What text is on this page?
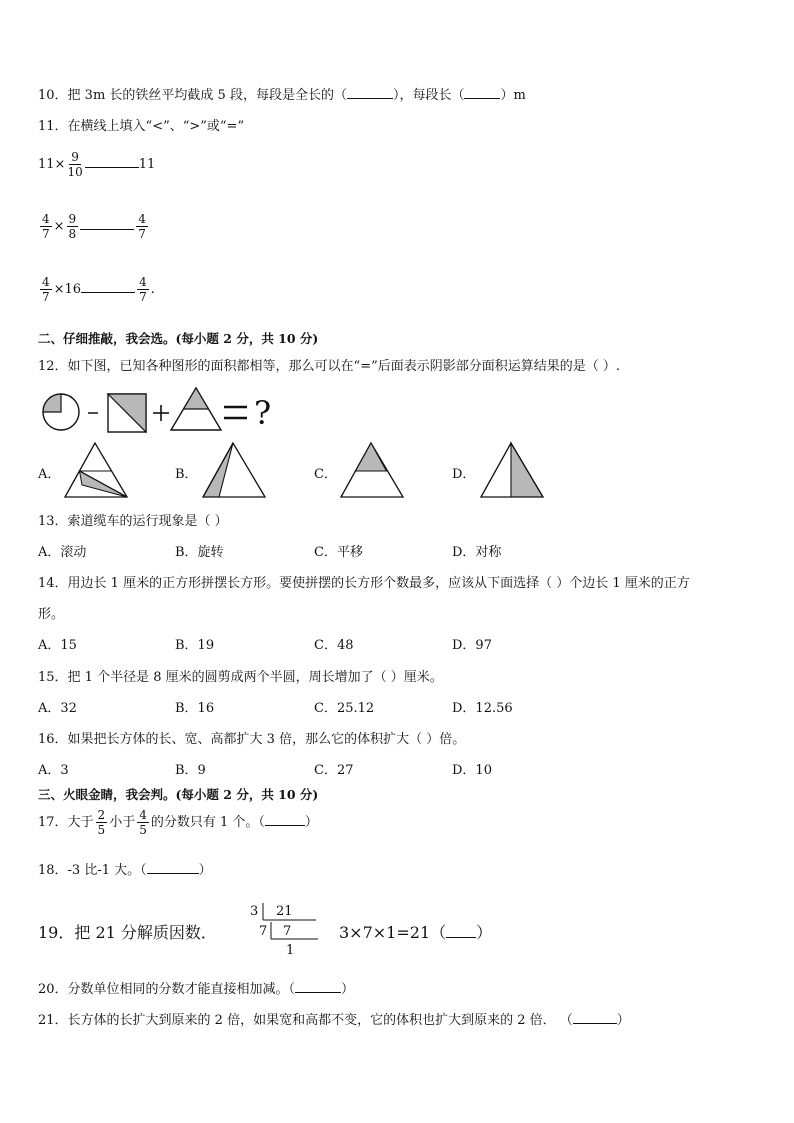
10．把 3m 长的铁丝平均截成 5 段，每段是全长的（	），每段长（	）m
11．在横线上填入“<”、“>”或“=”
$11\times \frac{9}{10}$	11
$\frac{4}{7} \times \frac{9}{8}$	$\frac{4}{7}$
$\frac{4}{7} \times 16$	$\frac{4}{7}$ .
二、仔细推敲，我会选。(每小题 2 分，共 10 分)
12．如下图，已知各种图形的面积都相等，那么可以在“=”后面表示阴影部分面积运算结果的是（ ）.
?
A．	B．	C．	D．
13．索道缆车的运行现象是（ ）
A．滚动	B．旋转	C．平移	D．对称
14．用边长 1 厘米的正方形拼摆长方形。要使拼摆的长方形个数最多，应该从下面选择（ ）个边长 1 厘米的正方
形。
A．15	B．19	C．48	D．97
15．把 1 个半径是 8 厘米的圆剪成两个半圆，周长增加了（ ）厘米。
A．32	B．16	C．25.12	D．12.56
16．如果把长方体的长、宽、高都扩大 3 倍，那么它的体积扩大（ ）倍。
A．3	B．9	C．27	D．10
三、火眼金睛，我会判。(每小题 2 分，共 10 分)
17．大于 $\frac{2}{5}$ 小于 $\frac{4}{5}$ 的分数只有 1 个。（	）
18．-3 比-1 大。（	）
19．把 21 分解质因数．
3 21
7 7
1
3×7×1=21（ ）
20．分数单位相同的分数才能直接相加减。（	）
21．长方体的长扩大到原来的 2 倍，如果宽和高都不变，它的体积也扩大到原来的 2 倍． （	）
